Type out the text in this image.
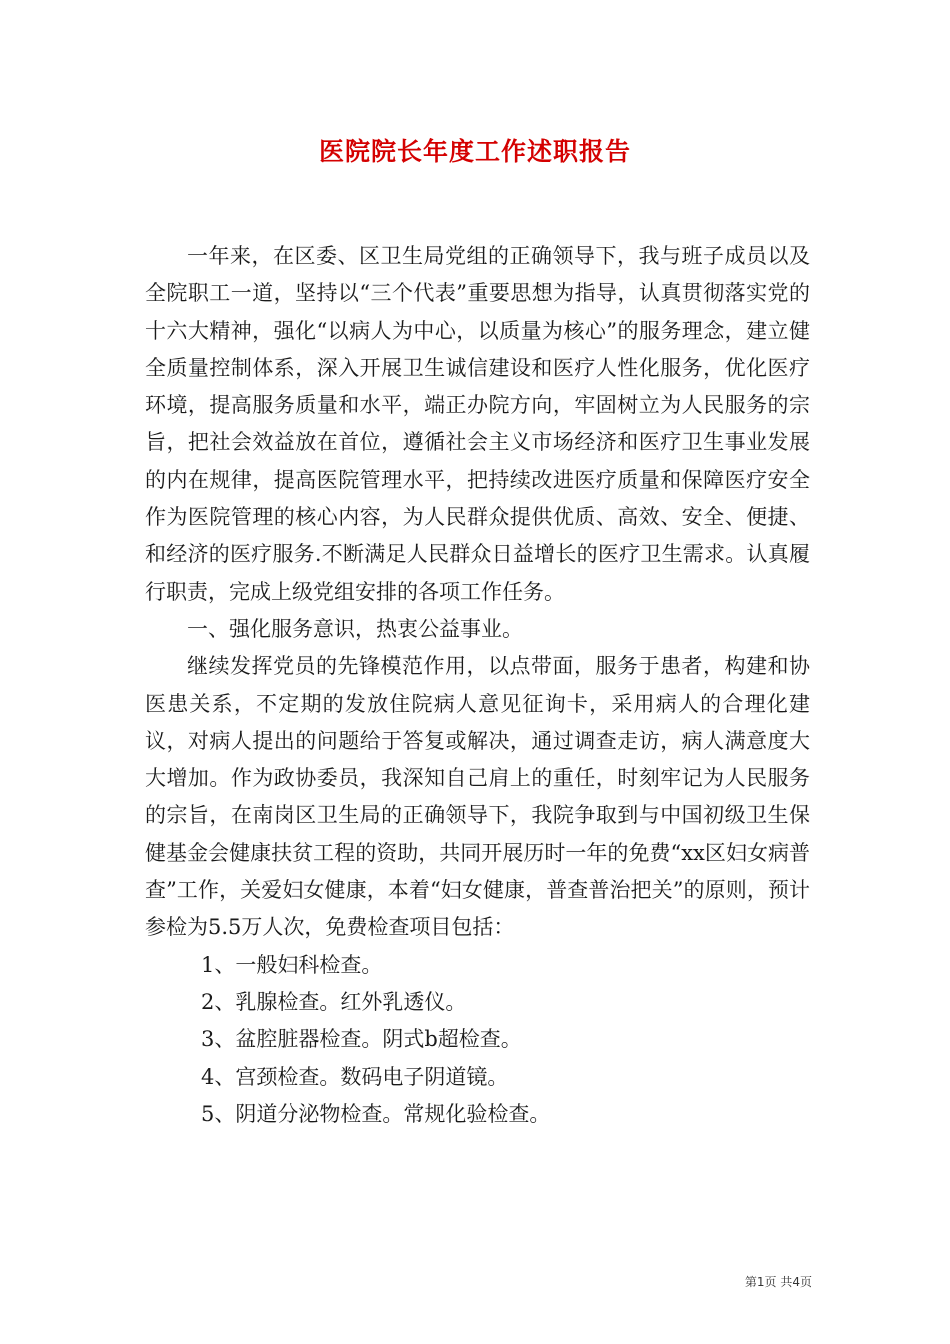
医院院长年度工作述职报告

一年来，在区委、区卫生局党组的正确领导下，我与班子成员以及全院职工一道，坚持以“三个代表”重要思想为指导，认真贯彻落实党的十六大精神，强化“以病人为中心，以质量为核心”的服务理念，建立健全质量控制体系，深入开展卫生诚信建设和医疗人性化服务，优化医疗环境，提高服务质量和水平，端正办院方向，牢固树立为人民服务的宗旨，把社会效益放在首位，遵循社会主义市场经济和医疗卫生事业发展的内在规律，提高医院管理水平，把持续改进医疗质量和保障医疗安全作为医院管理的核心内容，为人民群众提供优质、高效、安全、便捷、和经济的医疗服务.不断满足人民群众日益增长的医疗卫生需求。认真履行职责，完成上级党组安排的各项工作任务。

一、强化服务意识，热衷公益事业。

继续发挥党员的先锋模范作用，以点带面，服务于患者，构建和协医患关系，不定期的发放住院病人意见征询卡，采用病人的合理化建议，对病人提出的问题给于答复或解决，通过调查走访，病人满意度大大增加。作为政协委员，我深知自己肩上的重任，时刻牢记为人民服务的宗旨，在南岗区卫生局的正确领导下，我院争取到与中国初级卫生保健基金会健康扶贫工程的资助，共同开展历时一年的免费“xx区妇女病普查”工作，关爱妇女健康，本着“妇女健康，普查普治把关”的原则，预计参检为5.5万人次，免费检查项目包括：

1、一般妇科检查。

2、乳腺检查。红外乳透仪。

3、盆腔脏器检查。阴式b超检查。

4、宫颈检查。数码电子阴道镜。

5、阴道分泌物检查。常规化验检查。

第1页 共4页
